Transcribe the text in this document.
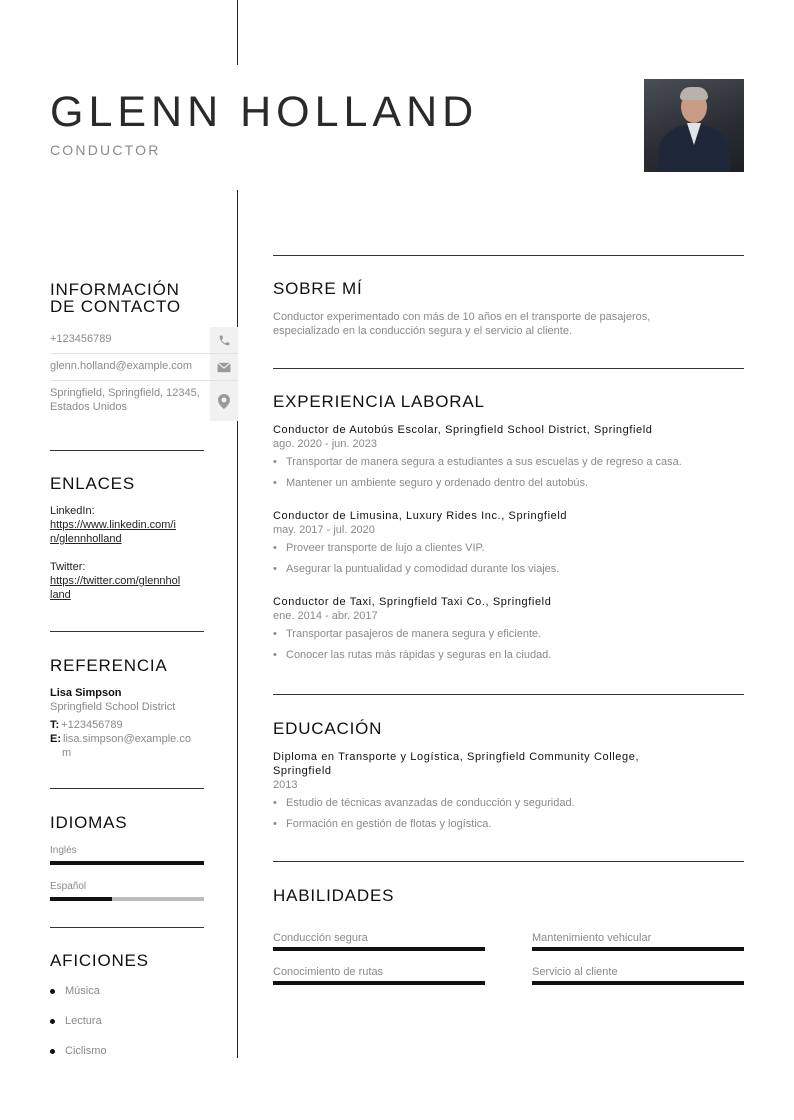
GLENN HOLLAND
CONDUCTOR
INFORMACIÓN
DE CONTACTO
+123456789
glenn.holland@example.com
Springfield, Springfield, 12345,
Estados Unidos
ENLACES
LinkedIn:
https://www.linkedin.com/i
n/glennholland
Twitter:
https://twitter.com/glennhol
land
REFERENCIA
Lisa Simpson
Springfield School District
T: +123456789
E: lisa.simpson@example.co
m
IDIOMAS
Inglés
Español
AFICIONES
Música
Lectura
Ciclismo
SOBRE MÍ
Conductor experimentado con más de 10 años en el transporte de pasajeros,
especializado en la conducción segura y el servicio al cliente.
EXPERIENCIA LABORAL
Conductor de Autobús Escolar, Springfield School District, Springfield
ago. 2020 - jun. 2023
• Transportar de manera segura a estudiantes a sus escuelas y de regreso a casa.
• Mantener un ambiente seguro y ordenado dentro del autobús.
Conductor de Limusina, Luxury Rides Inc., Springfield
may. 2017 - jul. 2020
• Proveer transporte de lujo a clientes VIP.
• Asegurar la puntualidad y comodidad durante los viajes.
Conductor de Taxi, Springfield Taxi Co., Springfield
ene. 2014 - abr. 2017
• Transportar pasajeros de manera segura y eficiente.
• Conocer las rutas más rápidas y seguras en la ciudad.
EDUCACIÓN
Diploma en Transporte y Logística, Springfield Community College,
Springfield
2013
• Estudio de técnicas avanzadas de conducción y seguridad.
• Formación en gestión de flotas y logística.
HABILIDADES
Conducción segura	Mantenimiento vehicular
Conocimiento de rutas	Servicio al cliente
